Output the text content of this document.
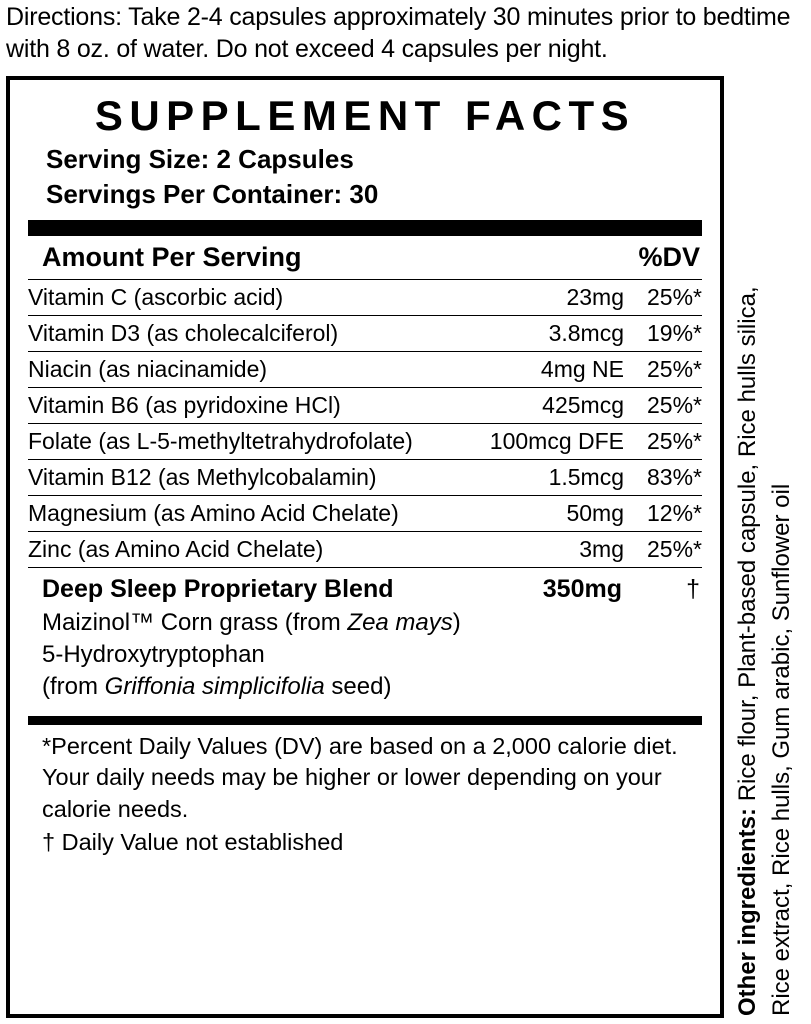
Directions: Take 2-4 capsules approximately 30 minutes prior to bedtime with 8 oz. of water. Do not exceed 4 capsules per night.
SUPPLEMENT FACTS
Serving Size: 2 Capsules
Servings Per Container: 30
Amount Per Serving	%DV
Vitamin C (ascorbic acid)	23mg	25%*
Vitamin D3 (as cholecalciferol)	3.8mcg	19%*
Niacin (as niacinamide)	4mg NE	25%*
Vitamin B6 (as pyridoxine HCl)	425mcg	25%*
Folate (as L-5-methyltetrahydrofolate)	100mcg DFE	25%*
Vitamin B12 (as Methylcobalamin)	1.5mcg	83%*
Magnesium (as Amino Acid Chelate)	50mg	12%*
Zinc (as Amino Acid Chelate)	3mg	25%*
Deep Sleep Proprietary Blend	350mg	†
Maizinol™ Corn grass (from Zea mays)
5-Hydroxytryptophan
(from Griffonia simplicifolia seed)
*Percent Daily Values (DV) are based on a 2,000 calorie diet. Your daily needs may be higher or lower depending on your calorie needs.
† Daily Value not established	Other ingredients: Rice flour, Plant-based capsule, Rice hulls silica, Rice extract, Rice hulls, Gum arabic, Sunflower oil
